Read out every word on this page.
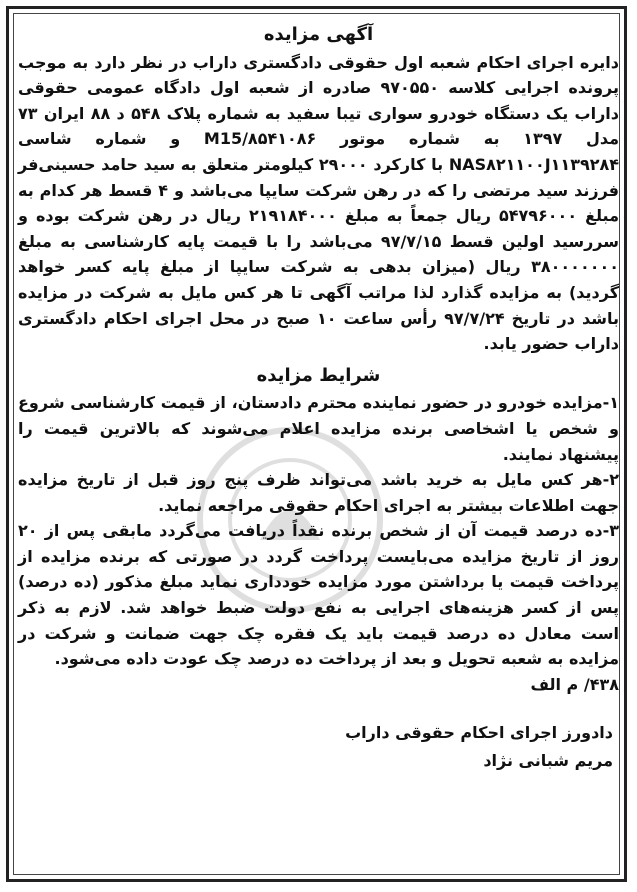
آگهی مزایده

دایره اجرای احکام شعبه اول حقوقی دادگستری داراب در نظر دارد به موجب پرونده اجرایی کلاسه ۹۷۰۵۵۰ صادره از شعبه اول دادگاه عمومی حقوقی داراب یک دستگاه خودرو سواری تیبا سفید به شماره پلاک ۵۴۸ د ۸۸ ایران ۷۳ مدل ۱۳۹۷ به شماره موتور M15/۸۵۴۱۰۸۶ و شماره شاسی NAS۸۲۱۱۰۰J۱۱۳۹۲۸۴ با کارکرد ۲۹۰۰۰ کیلومتر متعلق به سید حامد حسینی‌فر فرزند سید مرتضی را که در رهن شرکت سایپا می‌باشد و ۴ قسط هر کدام به مبلغ ۵۴۷۹۶۰۰۰ ریال جمعاً به مبلغ ۲۱۹۱۸۴۰۰۰ ریال در رهن شرکت بوده و سررسید اولین قسط ۹۷/۷/۱۵ می‌باشد را با قیمت پایه کارشناسی به مبلغ ۳۸۰۰۰۰۰۰۰ ریال (میزان بدهی به شرکت سایپا از مبلغ پایه کسر خواهد گردید) به مزایده گذارد لذا مراتب آگهی تا هر کس مایل به شرکت در مزایده باشد در تاریخ ۹۷/۷/۲۴ رأس ساعت ۱۰ صبح در محل اجرای احکام دادگستری داراب حضور یابد.

شرایط مزایده

۱-مزایده خودرو در حضور نماینده محترم دادستان، از قیمت کارشناسی شروع و شخص یا اشخاصی برنده مزایده اعلام می‌شوند که بالاترین قیمت را پیشنهاد نمایند.

۲-هر کس مایل به خرید باشد می‌تواند ظرف پنج روز قبل از تاریخ مزایده جهت اطلاعات بیشتر به اجرای احکام حقوقی مراجعه نماید.

۳-ده درصد قیمت آن از شخص برنده نقداً دریافت می‌گردد مابقی پس از ۲۰ روز از تاریخ مزایده می‌بایست پرداخت گردد در صورتی که برنده مزایده از پرداخت قیمت یا برداشتن مورد مزایده خودداری نماید مبلغ مذکور (ده درصد) پس از کسر هزینه‌های اجرایی به نفع دولت ضبط خواهد شد. لازم به ذکر است معادل ده درصد قیمت باید یک فقره چک جهت ضمانت و شرکت در مزایده به شعبه تحویل و بعد از پرداخت ده درصد چک عودت داده می‌شود.

۴۳۸/ م الف

دادورز اجرای احکام حقوقی داراب
مریم شبانی نژاد
